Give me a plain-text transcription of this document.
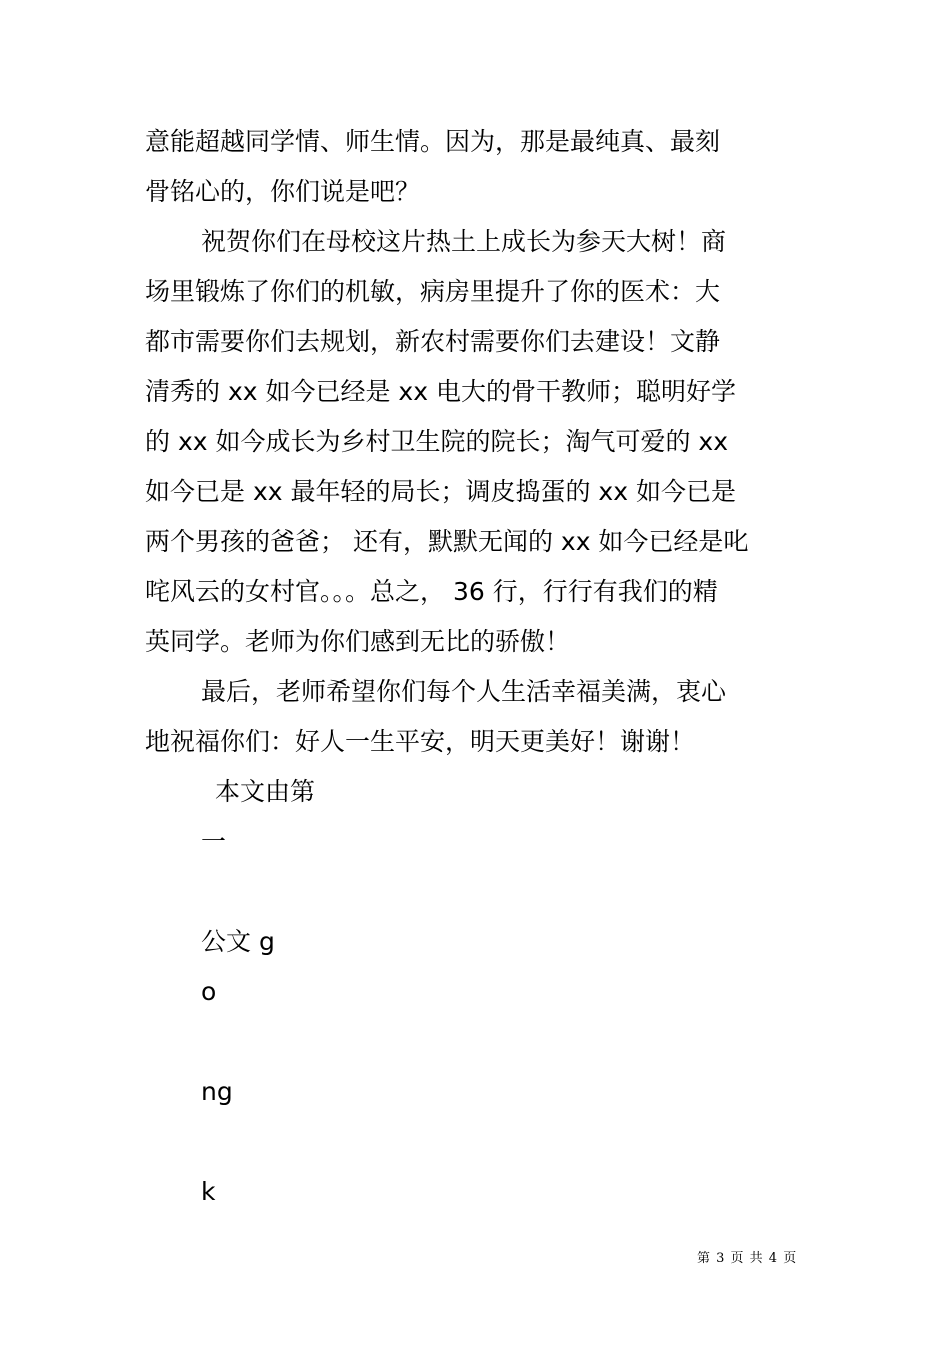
意能超越同学情、师生情。因为，那是最纯真、最刻
骨铭心的，你们说是吧？
祝贺你们在母校这片热土上成长为参天大树！商
场里锻炼了你们的机敏，病房里提升了你的医术：大
都市需要你们去规划，新农村需要你们去建设！文静
清秀的 xx 如今已经是 xx 电大的骨干教师；聪明好学
的 xx 如今成长为乡村卫生院的院长；淘气可爱的 xx
如今已是 xx 最年轻的局长；调皮捣蛋的 xx 如今已是
两个男孩的爸爸； 还有，默默无闻的 xx 如今已经是叱
咤风云的女村官。。。总之， 36 行，行行有我们的精
英同学。老师为你们感到无比的骄傲！
最后，老师希望你们每个人生活幸福美满，衷心
地祝福你们：好人一生平安，明天更美好！谢谢！
本文由第
一
公文 g
o
ng
k
第 3 页 共 4 页
